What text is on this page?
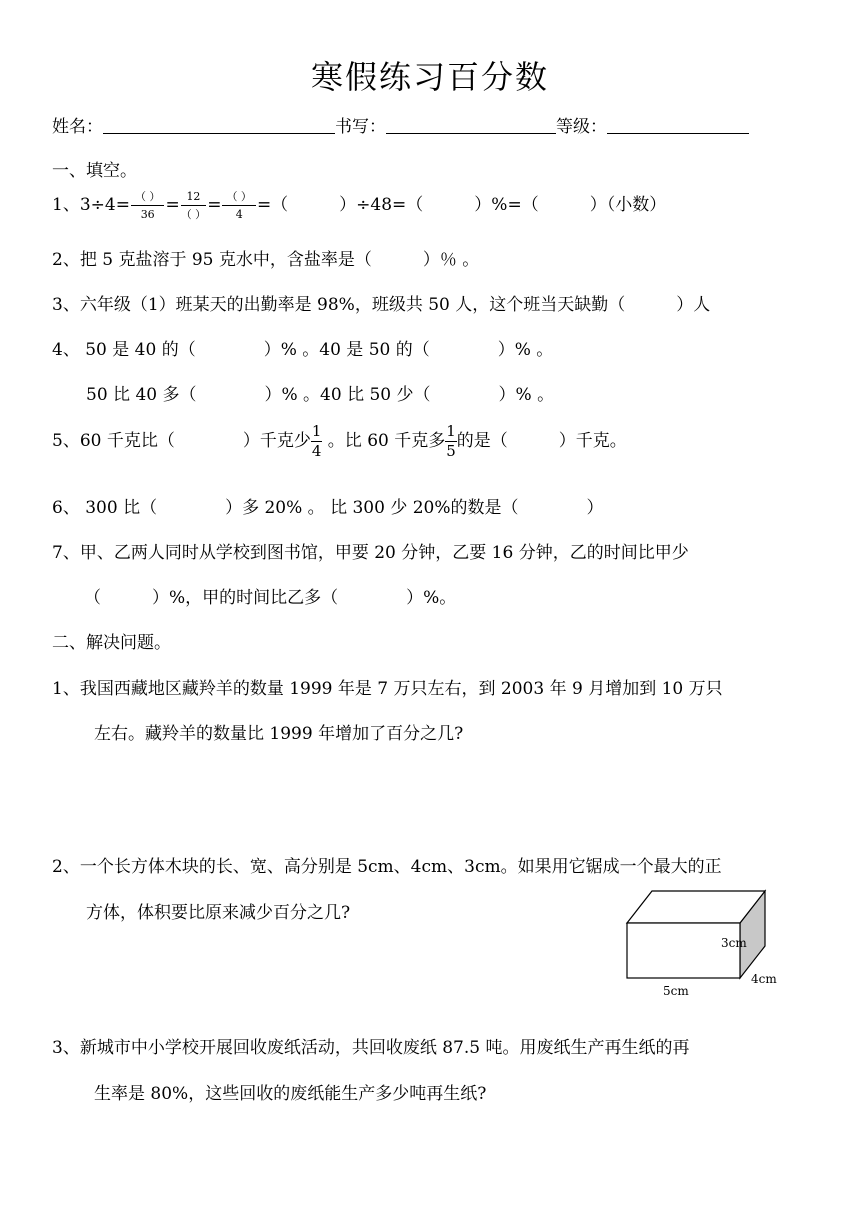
寒假练习百分数
姓名：	书写：	等级：
一、填空。
1、$3\div 4= \frac{( )}{36} = \frac{12}{( )} = \frac{( )}{4}$ =（　　　）÷48=（　　　）%=（　　　）（小数）
2、把 5 克盐溶于 95 克水中，含盐率是（　　　）％ 。
3、六年级（1）班某天的出勤率是 98%，班级共 50 人，这个班当天缺勤（　　　）人
4、 50 是 40 的（　　　　）% 。40 是 50 的（　　　　）% 。
50 比 40 多（　　　　）% 。40 比 50 少（　　　　）% 。
5、60 千克比（　　　　）千克少 $\frac{1}{4}$ 。比 60 千克多 $\frac{1}{5}$ 的是（　　　）千克。
6、 300 比（　　　　）多 20% 。 比 300 少 20%的数是（　　　　）
7、甲、乙两人同时从学校到图书馆，甲要 20 分钟，乙要 16 分钟，乙的时间比甲少
（　　　）%，甲的时间比乙多（　　　　）%。
二、解决问题。
1、我国西藏地区藏羚羊的数量 1999 年是 7 万只左右，到 2003 年 9 月增加到 10 万只
左右。藏羚羊的数量比 1999 年增加了百分之几?
2、一个长方体木块的长、宽、高分别是 5cm、4cm、3cm。如果用它锯成一个最大的正
方体，体积要比原来减少百分之几?
3cm
4cm
5cm
3、新城市中小学校开展回收废纸活动，共回收废纸 87.5 吨。用废纸生产再生纸的再
生率是 80%，这些回收的废纸能生产多少吨再生纸?
